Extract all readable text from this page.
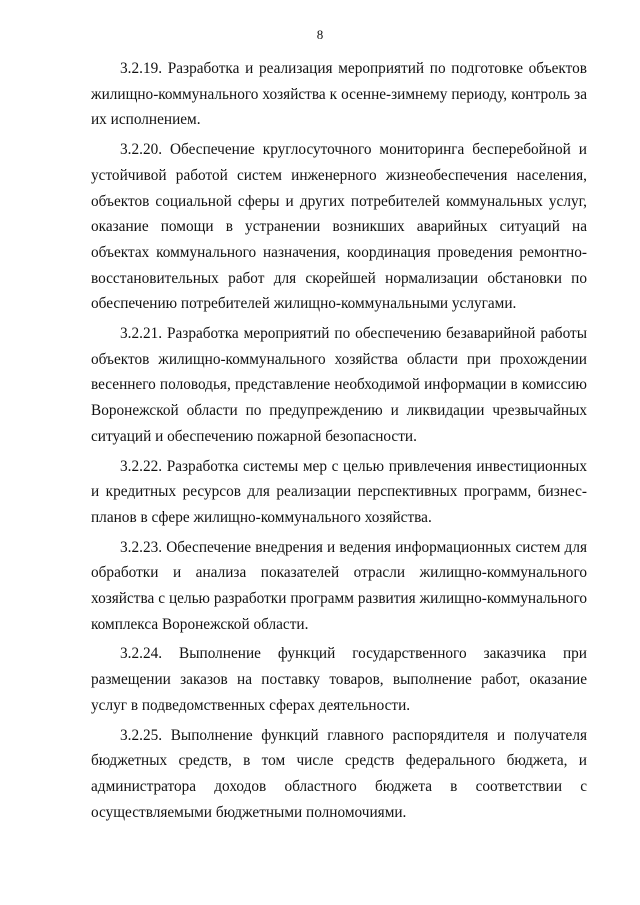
8

3.2.19. Разработка и реализация мероприятий по подготовке объектов жилищно-коммунального хозяйства к осенне-зимнему периоду, контроль за их исполнением.

3.2.20. Обеспечение круглосуточного мониторинга бесперебойной и устойчивой работой систем инженерного жизнеобеспечения населения, объектов социальной сферы и других потребителей коммунальных услуг, оказание помощи в устранении возникших аварийных ситуаций на объектах коммунального назначения, координация проведения ремонтно-восстановительных работ для скорейшей нормализации обстановки по обеспечению потребителей жилищно-коммунальными услугами.

3.2.21. Разработка мероприятий по обеспечению безаварийной работы объектов жилищно-коммунального хозяйства области при прохождении весеннего половодья, представление необходимой информации в комиссию Воронежской области по предупреждению и ликвидации чрезвычайных ситуаций и обеспечению пожарной безопасности.

3.2.22. Разработка системы мер с целью привлечения инвестиционных и кредитных ресурсов для реализации перспективных программ, бизнес-планов в сфере жилищно-коммунального хозяйства.

3.2.23. Обеспечение внедрения и ведения информационных систем для обработки и анализа показателей отрасли жилищно-коммунального хозяйства с целью разработки программ развития жилищно-коммунального комплекса Воронежской области.

3.2.24. Выполнение функций государственного заказчика при размещении заказов на поставку товаров, выполнение работ, оказание услуг в подведомственных сферах деятельности.

3.2.25. Выполнение функций главного распорядителя и получателя бюджетных средств, в том числе средств федерального бюджета, и администратора доходов областного бюджета в соответствии с осуществляемыми бюджетными полномочиями.
